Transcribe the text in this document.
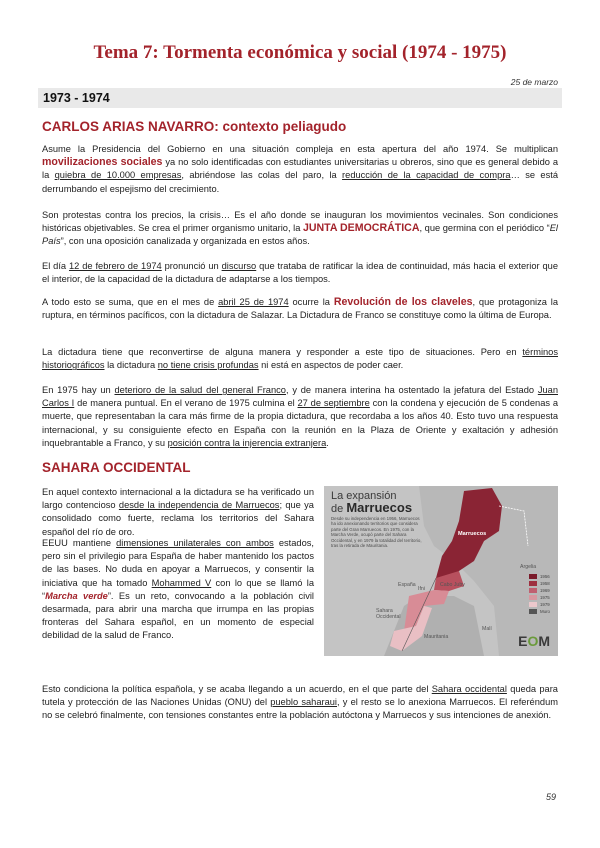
Tema 7: Tormenta económica y social (1974 - 1975)
25 de marzo
1973 - 1974
CARLOS ARIAS NAVARRO: contexto peliagudo
Asume la Presidencia del Gobierno en una situación compleja en esta apertura del año 1974. Se multiplican movilizaciones sociales ya no solo identificadas con estudiantes universitarias u obreros, sino que es general debido a la quiebra de 10.000 empresas, abriéndose las colas del paro, la reducción de la capacidad de compra… se está derrumbando el espejismo del crecimiento.
Son protestas contra los precios, la crisis… Es el año donde se inauguran los movimientos vecinales. Son condiciones históricas objetivables. Se crea el primer organismo unitario, la JUNTA DEMOCRÁTICA, que germina con el periódico “El País”, con una oposición canalizada y organizada en estos años.
El día 12 de febrero de 1974 pronunció un discurso que trataba de ratificar la idea de continuidad, más hacia el exterior que el interior, de la capacidad de la dictadura de adaptarse a los tiempos.
A todo esto se suma, que en el mes de abril 25 de 1974 ocurre la Revolución de los claveles, que protagoniza la ruptura, en términos pacíficos, con la dictadura de Salazar. La Dictadura de Franco se constituye como la última de Europa.
La dictadura tiene que reconvertirse de alguna manera y responder a este tipo de situaciones. Pero en términos historiográficos la dictadura no tiene crisis profundas ni está en aspectos de poder caer.
En 1975 hay un deterioro de la salud del general Franco, y de manera interina ha ostentado la jefatura del Estado Juan Carlos I de manera puntual. En el verano de 1975 culmina el 27 de septiembre con la condena y ejecución de 5 condenas a muerte, que representaban la cara más firme de la propia dictadura, que recordaba a los años 40. Esto tuvo una respuesta internacional, y su consiguiente efecto en España con la reunión en la Plaza de Oriente y exaltación y adhesión inquebrantable a Franco, y su posición contra la injerencia extranjera.
SAHARA OCCIDENTAL
En aquel contexto internacional a la dictadura se ha verificado un largo contencioso desde la independencia de Marruecos; que ya consolidado como fuerte, reclama los territorios del Sahara español del río de oro.
EEUU mantiene dimensiones unilaterales con ambos estados, pero sin el privilegio para España de haber mantenido los pactos de las bases. No duda en apoyar a Marruecos, y consentir la iniciativa que ha tomado Mohammed V con lo que se llamó la “Marcha verde”. Es un reto, convocando a la población civil desarmada, para abrir una marcha que irrumpa en las propias fronteras del Sahara español, en un momento de especial debilidad de la salud de Franco.
La expansión
de Marruecos
Desde su independencia en 1956, Marruecos ha ido anexionando territorios que considera parte del Gran Marruecos. En 1975, con la Marcha Verde, ocupó parte del Sahara Occidental, y en 1979 la totalidad del territorio, tras la retirada de Mauritania.
Marruecos
Argelia
España
Ifni
Cabo Juby
Sahara Occidental
Mauritania
Malí
1956
1958
1969
1975
1979
Muro
EOM
Esto condiciona la política española, y se acaba llegando a un acuerdo, en el que parte del Sahara occidental queda para tutela y protección de las Naciones Unidas (ONU) del pueblo saharaui, y el resto se lo anexiona Marruecos. El referéndum no se celebró finalmente, con tensiones constantes entre la población autóctona y Marruecos y sus intenciones de anexión.
59
